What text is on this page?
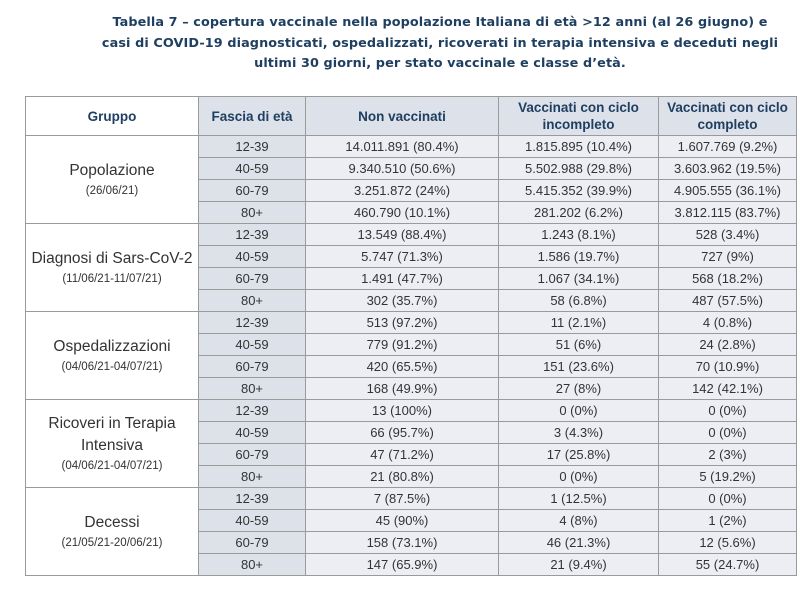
Tabella 7 – copertura vaccinale nella popolazione Italiana di età >12 anni (al 26 giugno) e
casi di COVID-19 diagnosticati, ospedalizzati, ricoverati in terapia intensiva e deceduti negli
ultimi 30 giorni, per stato vaccinale e classe d’età.
Gruppo	Fascia di età	Non vaccinati	Vaccinati con ciclo incompleto	Vaccinati con ciclo completo

Popolazione
(26/06/21)	12-39	14.011.891 (80.4%)	1.815.895 (10.4%)	1.607.769 (9.2%)
	40-59	9.340.510 (50.6%)	5.502.988 (29.8%)	3.603.962 (19.5%)
	60-79	3.251.872 (24%)	5.415.352 (39.9%)	4.905.555 (36.1%)
	80+	460.790 (10.1%)	281.202 (6.2%)	3.812.115 (83.7%)

Diagnosi di Sars-CoV-2
(11/06/21-11/07/21)	12-39	13.549 (88.4%)	1.243 (8.1%)	528 (3.4%)
	40-59	5.747 (71.3%)	1.586 (19.7%)	727 (9%)
	60-79	1.491 (47.7%)	1.067 (34.1%)	568 (18.2%)
	80+	302 (35.7%)	58 (6.8%)	487 (57.5%)

Ospedalizzazioni
(04/06/21-04/07/21)	12-39	513 (97.2%)	11 (2.1%)	4 (0.8%)
	40-59	779 (91.2%)	51 (6%)	24 (2.8%)
	60-79	420 (65.5%)	151 (23.6%)	70 (10.9%)
	80+	168 (49.9%)	27 (8%)	142 (42.1%)

Ricoveri in Terapia Intensiva
(04/06/21-04/07/21)	12-39	13 (100%)	0 (0%)	0 (0%)
	40-59	66 (95.7%)	3 (4.3%)	0 (0%)
	60-79	47 (71.2%)	17 (25.8%)	2 (3%)
	80+	21 (80.8%)	0 (0%)	5 (19.2%)

Decessi
(21/05/21-20/06/21)	12-39	7 (87.5%)	1 (12.5%)	0 (0%)
	40-59	45 (90%)	4 (8%)	1 (2%)
	60-79	158 (73.1%)	46 (21.3%)	12 (5.6%)
	80+	147 (65.9%)	21 (9.4%)	55 (24.7%)
